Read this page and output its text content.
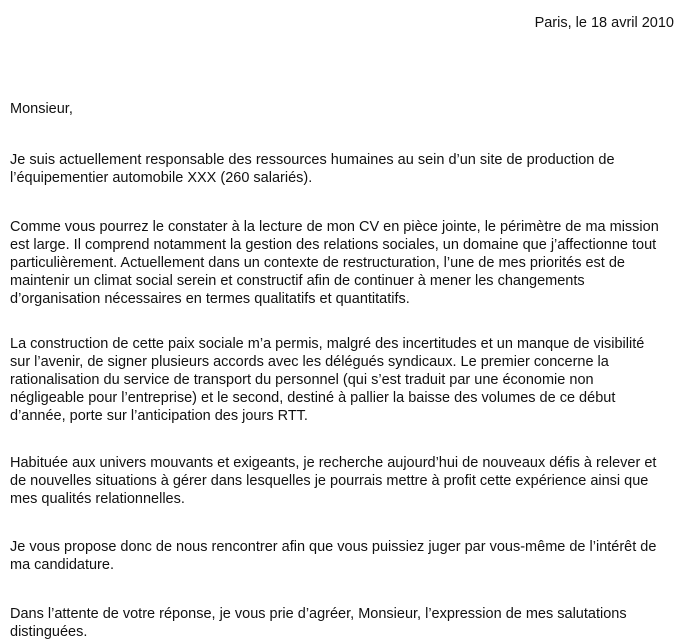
Paris, le 18 avril 2010
Monsieur,
Je suis actuellement responsable des ressources humaines au sein d’un site de production de
l’équipementier automobile XXX (260 salariés).
Comme vous pourrez le constater à la lecture de mon CV en pièce jointe, le périmètre de ma mission
est large. Il comprend notamment la gestion des relations sociales, un domaine que j’affectionne tout
particulièrement. Actuellement dans un contexte de restructuration, l’une de mes priorités est de
maintenir un climat social serein et constructif afin de continuer à mener les changements
d’organisation nécessaires en termes qualitatifs et quantitatifs.
La construction de cette paix sociale m’a permis, malgré des incertitudes et un manque de visibilité
sur l’avenir, de signer plusieurs accords avec les délégués syndicaux. Le premier concerne la
rationalisation du service de transport du personnel (qui s’est traduit par une économie non
négligeable pour l’entreprise) et le second, destiné à pallier la baisse des volumes de ce début
d’année, porte sur l’anticipation des jours RTT.
Habituée aux univers mouvants et exigeants, je recherche aujourd’hui de nouveaux défis à relever et
de nouvelles situations à gérer dans lesquelles je pourrais mettre à profit cette expérience ainsi que
mes qualités relationnelles.
Je vous propose donc de nous rencontrer afin que vous puissiez juger par vous-même de l’intérêt de
ma candidature.
Dans l’attente de votre réponse, je vous prie d’agréer, Monsieur, l’expression de mes salutations
distinguées.
